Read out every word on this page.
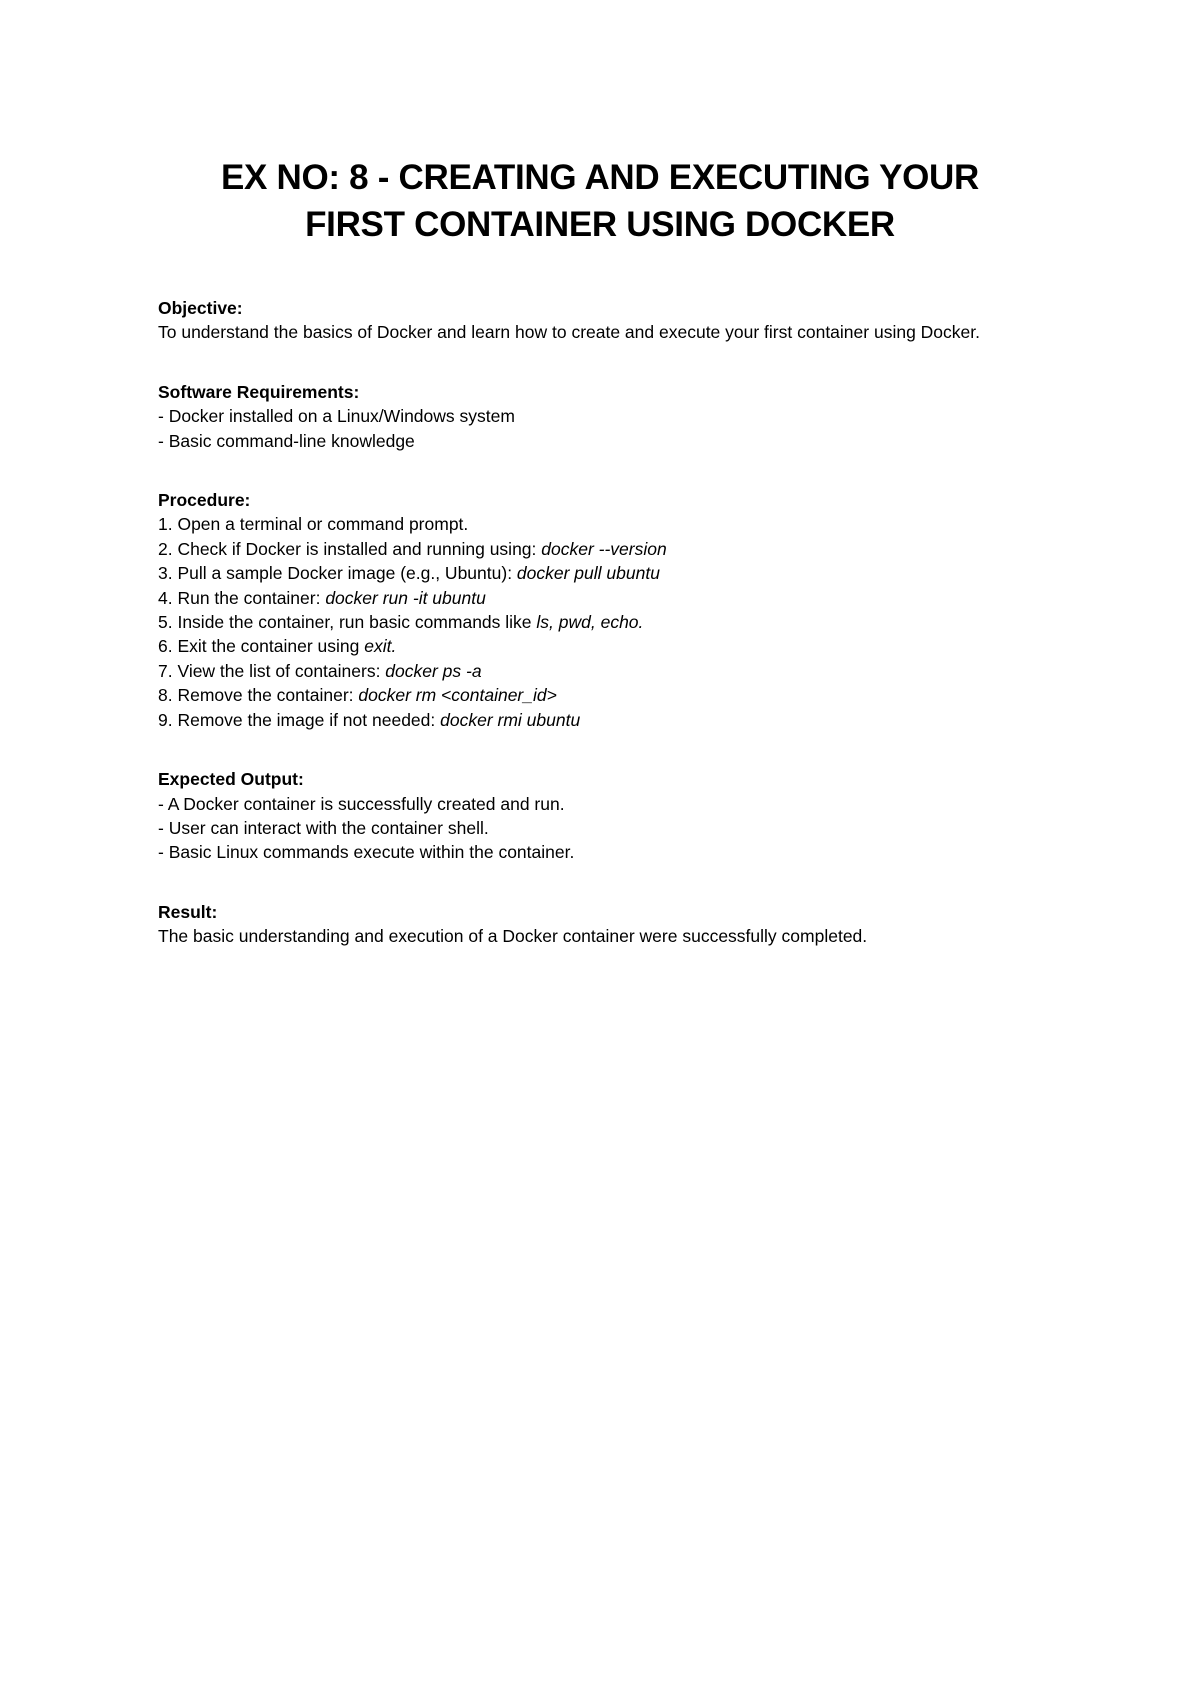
EX NO: 8 - CREATING AND EXECUTING YOUR
FIRST CONTAINER USING DOCKER
Objective:
To understand the basics of Docker and learn how to create and execute your first container using Docker.
Software Requirements:
- Docker installed on a Linux/Windows system
- Basic command-line knowledge
Procedure:
1. Open a terminal or command prompt.
2. Check if Docker is installed and running using: docker --version
3. Pull a sample Docker image (e.g., Ubuntu): docker pull ubuntu
4. Run the container: docker run -it ubuntu
5. Inside the container, run basic commands like ls, pwd, echo.
6. Exit the container using exit.
7. View the list of containers: docker ps -a
8. Remove the container: docker rm <container_id>
9. Remove the image if not needed: docker rmi ubuntu
Expected Output:
- A Docker container is successfully created and run.
- User can interact with the container shell.
- Basic Linux commands execute within the container.
Result:
The basic understanding and execution of a Docker container were successfully completed.
